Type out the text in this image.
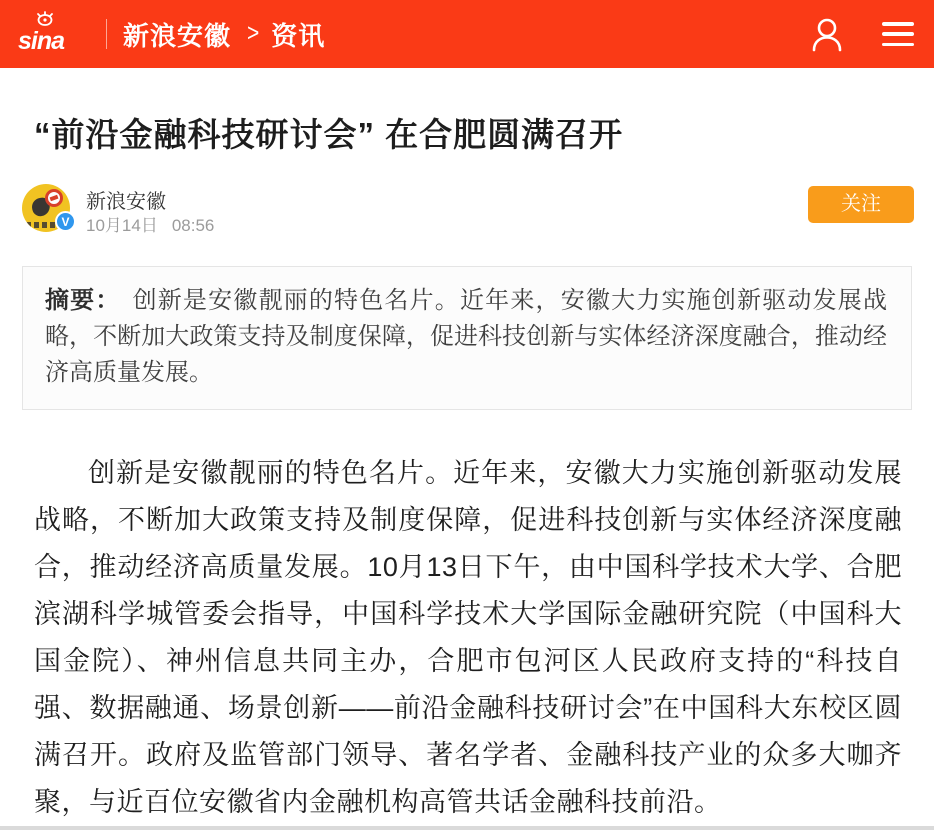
sina 新浪安徽 > 资讯
“前沿金融科技研讨会” 在合肥圆满召开
V
新浪安徽
10月14日 08:56
关注
摘要： 创新是安徽靓丽的特色名片。近年来，安徽大力实施创新驱动发展战略，不断加大政策支持及制度保障，促进科技创新与实体经济深度融合，推动经济高质量发展。

创新是安徽靓丽的特色名片。近年来，安徽大力实施创新驱动发展战略，不断加大政策支持及制度保障，促进科技创新与实体经济深度融合，推动经济高质量发展。10月13日下午，由中国科学技术大学、合肥滨湖科学城管委会指导，中国科学技术大学国际金融研究院（中国科大国金院）、神州信息共同主办，合肥市包河区人民政府支持的“科技自强、数据融通、场景创新——前沿金融科技研讨会”在中国科大东校区圆满召开。政府及监管部门领导、著名学者、金融科技产业的众多大咖齐聚，与近百位安徽省内金融机构高管共话金融科技前沿。
